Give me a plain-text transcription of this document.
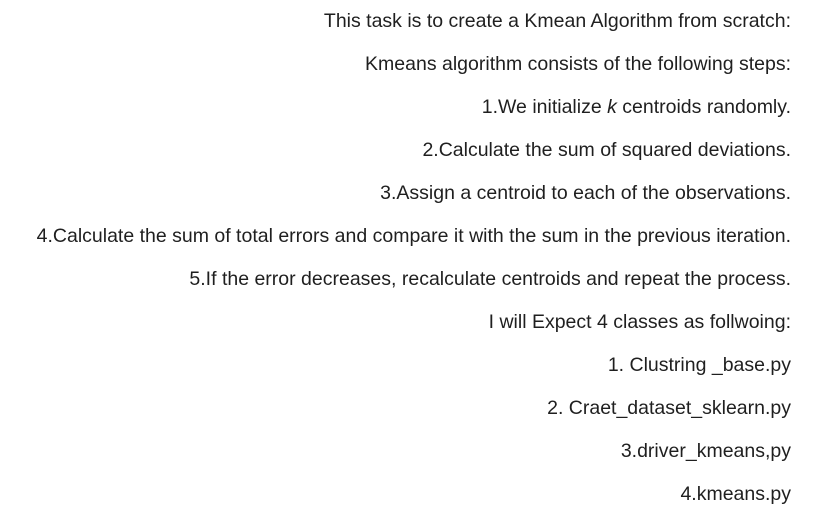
This task is to create a Kmean Algorithm from scratch:
Kmeans algorithm consists of the following steps:
1.We initialize k centroids randomly.
2.Calculate the sum of squared deviations.
3.Assign a centroid to each of the observations.
4.Calculate the sum of total errors and compare it with the sum in the previous iteration.
5.If the error decreases, recalculate centroids and repeat the process.
I will Expect 4 classes as follwoing:
1. Clustring _base.py
2. Craet_dataset_sklearn.py
3.driver_kmeans,py
4.kmeans.py
